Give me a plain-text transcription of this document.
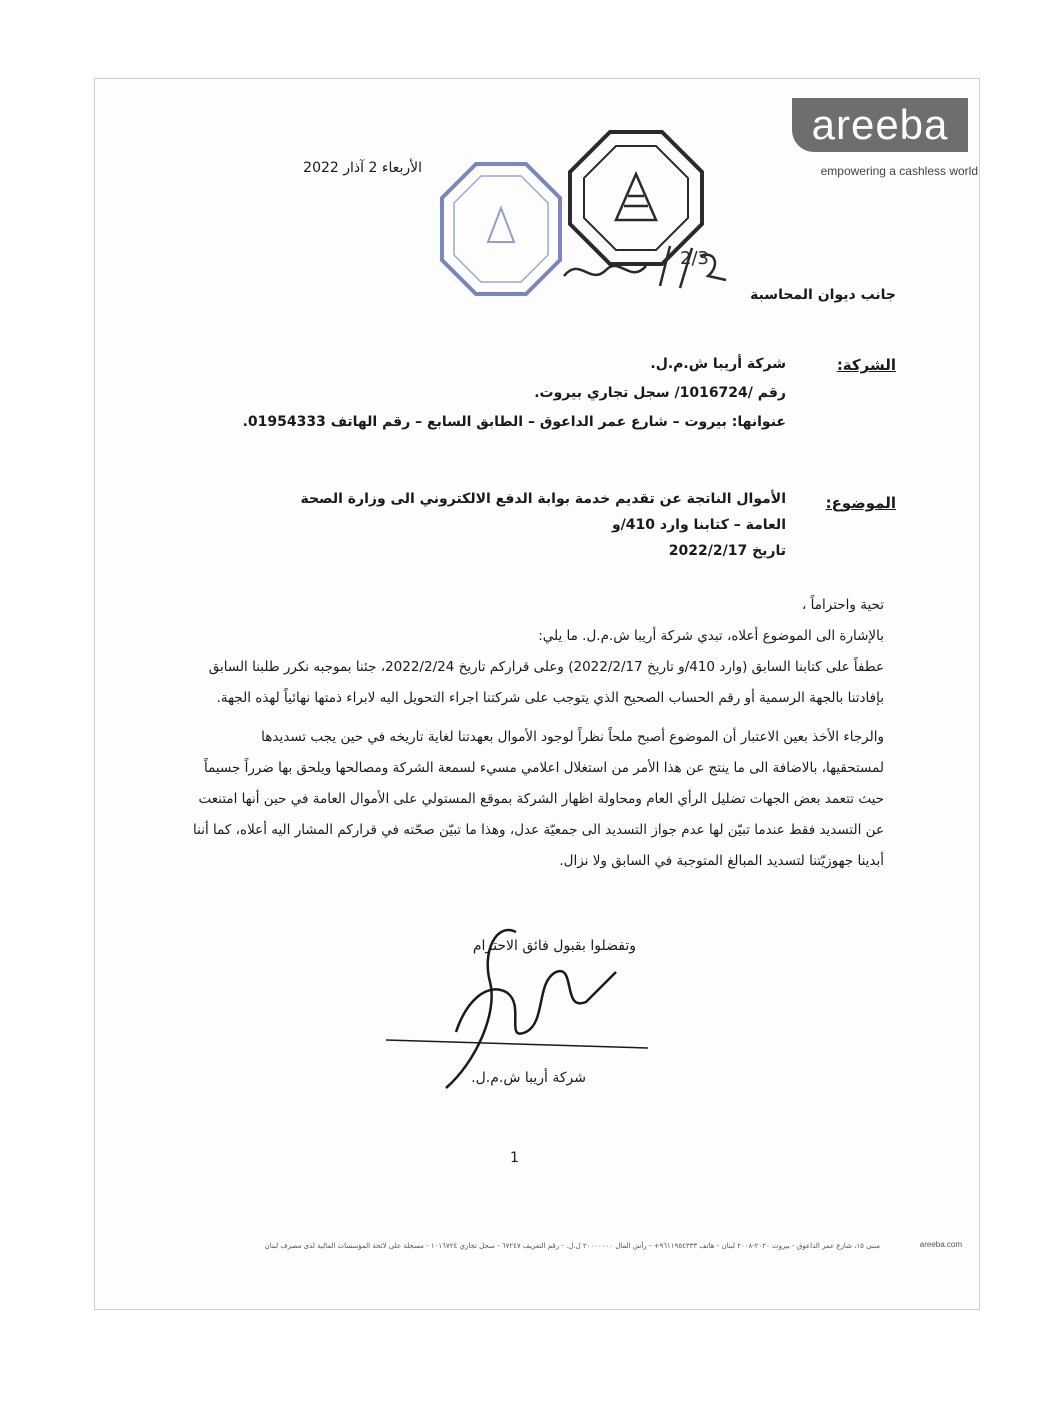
areeba
empowering a cashless world
2/3
الأربعاء 2 آذار 2022
جانب ديوان المحاسبة
الشركة:
شركة أريبا ش.م.ل.
رقم /1016724/ سجل تجاري بيروت.
عنوانها: بيروت – شارع عمر الداعوق – الطابق السابع – رقم الهاتف 01954333.
الموضوع:
الأموال الناتجة عن تقديم خدمة بوابة الدفع الالكتروني الى وزارة الصحة العامة – كتابنا وارد 410/و
تاريخ 2022/2/17

تحية واحتراماً ،

بالإشارة الى الموضوع أعلاه، تبدي شركة أريبا ش.م.ل. ما يلي:

عطفاً على كتابنا السابق (وارد 410/و تاريخ 2022/2/17) وعلى قراركم تاريخ 2022/2/24، جئنا بموجبه نكرر طلبنا السابق

بإفادتنا بالجهة الرسمية أو رقم الحساب الصحيح الذي يتوجب على شركتنا اجراء التحويل اليه لابراء ذمتها نهائياً لهذه الجهة.

والرجاء الأخذ بعين الاعتبار أن الموضوع أصبح ملحاً نظراً لوجود الأموال بعهدتنا لغاية تاريخه في حين يجب تسديدها

لمستحقيها، بالاضافة الى ما ينتج عن هذا الأمر من استغلال اعلامي مسيء لسمعة الشركة ومصالحها ويلحق بها ضرراً جسيماً

حيث تتعمد بعض الجهات تضليل الرأي العام ومحاولة اظهار الشركة بموقع المستولي على الأموال العامة في حين أنها امتنعت

عن التسديد فقط عندما تبيّن لها عدم جواز التسديد الى جمعيّة عدل، وهذا ما تبيّن صحّته في قراركم المشار اليه أعلاه، كما أننا

أبدينا جهوزيّتنا لتسديد المبالغ المتوجبة في السابق ولا نزال.

وتفضلوا بقبول فائق الاحترام
شركة أريبا ش.م.ل.
1
مبنى ١٥، شارع عمر الداعوق - بيروت ٢٠٢٠-٢٠٠٨ لبنان - هاتف ٩٦١١٩٥٤٣٣٣+ - رأس المال ٢٠٠٠٠٠٠٠ ل.ل. - رقم التعريف ٦٧٢٤٧ - سجل تجاري ١٠١٦٧٢٤ - مسجلة على لائحة المؤسسات المالية لدى مصرف لبنان	areeba.com
